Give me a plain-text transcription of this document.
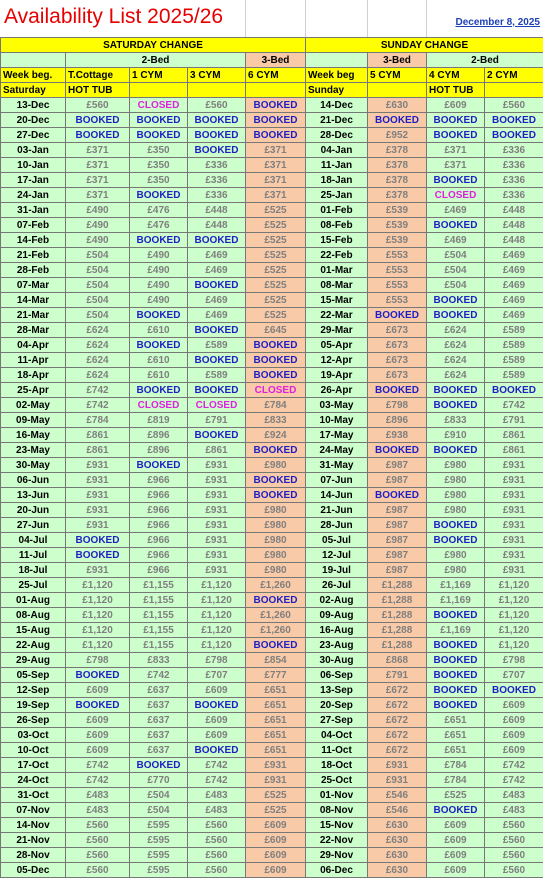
Availability List 2025/26	December 8, 2025
SATURDAY CHANGE					SUNDAY CHANGE			
	2-Bed			3-Bed		3-Bed	2-Bed	
Week beg.	T.Cottage	1 CYM	3 CYM	6 CYM	Week beg	5 CYM	4 CYM	2 CYM
Saturday	HOT TUB				Sunday		HOT TUB	
13-Dec	£560	CLOSED	£560	BOOKED	14-Dec	£630	£609	£560
20-Dec	BOOKED	BOOKED	BOOKED	BOOKED	21-Dec	BOOKED	BOOKED	BOOKED
27-Dec	BOOKED	BOOKED	BOOKED	BOOKED	28-Dec	£952	BOOKED	BOOKED
03-Jan	£371	£350	BOOKED	£371	04-Jan	£378	£371	£336
10-Jan	£371	£350	£336	£371	11-Jan	£378	£371	£336
17-Jan	£371	£350	£336	£371	18-Jan	£378	BOOKED	£336
24-Jan	£371	BOOKED	£336	£371	25-Jan	£378	CLOSED	£336
31-Jan	£490	£476	£448	£525	01-Feb	£539	£469	£448
07-Feb	£490	£476	£448	£525	08-Feb	£539	BOOKED	£448
14-Feb	£490	BOOKED	BOOKED	£525	15-Feb	£539	£469	£448
21-Feb	£504	£490	£469	£525	22-Feb	£553	£504	£469
28-Feb	£504	£490	£469	£525	01-Mar	£553	£504	£469
07-Mar	£504	£490	BOOKED	£525	08-Mar	£553	£504	£469
14-Mar	£504	£490	£469	£525	15-Mar	£553	BOOKED	£469
21-Mar	£504	BOOKED	£469	£525	22-Mar	BOOKED	BOOKED	£469
28-Mar	£624	£610	BOOKED	£645	29-Mar	£673	£624	£589
04-Apr	£624	BOOKED	£589	BOOKED	05-Apr	£673	£624	£589
11-Apr	£624	£610	BOOKED	BOOKED	12-Apr	£673	£624	£589
18-Apr	£624	£610	£589	BOOKED	19-Apr	£673	£624	£589
25-Apr	£742	BOOKED	BOOKED	CLOSED	26-Apr	BOOKED	BOOKED	BOOKED
02-May	£742	CLOSED	CLOSED	£784	03-May	£798	BOOKED	£742
09-May	£784	£819	£791	£833	10-May	£896	£833	£791
16-May	£861	£896	BOOKED	£924	17-May	£938	£910	£861
23-May	£861	£896	£861	BOOKED	24-May	BOOKED	BOOKED	£861
30-May	£931	BOOKED	£931	£980	31-May	£987	£980	£931
06-Jun	£931	£966	£931	BOOKED	07-Jun	£987	£980	£931
13-Jun	£931	£966	£931	BOOKED	14-Jun	BOOKED	£980	£931
20-Jun	£931	£966	£931	£980	21-Jun	£987	£980	£931
27-Jun	£931	£966	£931	£980	28-Jun	£987	BOOKED	£931
04-Jul	BOOKED	£966	£931	£980	05-Jul	£987	BOOKED	£931
11-Jul	BOOKED	£966	£931	£980	12-Jul	£987	£980	£931
18-Jul	£931	£966	£931	£980	19-Jul	£987	£980	£931
25-Jul	£1,120	£1,155	£1,120	£1,260	26-Jul	£1,288	£1,169	£1,120
01-Aug	£1,120	£1,155	£1,120	BOOKED	02-Aug	£1,288	£1,169	£1,120
08-Aug	£1,120	£1,155	£1,120	£1,260	09-Aug	£1,288	BOOKED	£1,120
15-Aug	£1,120	£1,155	£1,120	£1,260	16-Aug	£1,288	£1,169	£1,120
22-Aug	£1,120	£1,155	£1,120	BOOKED	23-Aug	£1,288	BOOKED	£1,120
29-Aug	£798	£833	£798	£854	30-Aug	£868	BOOKED	£798
05-Sep	BOOKED	£742	£707	£777	06-Sep	£791	BOOKED	£707
12-Sep	£609	£637	£609	£651	13-Sep	£672	BOOKED	BOOKED
19-Sep	BOOKED	£637	BOOKED	£651	20-Sep	£672	BOOKED	£609
26-Sep	£609	£637	£609	£651	27-Sep	£672	£651	£609
03-Oct	£609	£637	£609	£651	04-Oct	£672	£651	£609
10-Oct	£609	£637	BOOKED	£651	11-Oct	£672	£651	£609
17-Oct	£742	BOOKED	£742	£931	18-Oct	£931	£784	£742
24-Oct	£742	£770	£742	£931	25-Oct	£931	£784	£742
31-Oct	£483	£504	£483	£525	01-Nov	£546	£525	£483
07-Nov	£483	£504	£483	£525	08-Nov	£546	BOOKED	£483
14-Nov	£560	£595	£560	£609	15-Nov	£630	£609	£560
21-Nov	£560	£595	£560	£609	22-Nov	£630	£609	£560
28-Nov	£560	£595	£560	£609	29-Nov	£630	£609	£560
05-Dec	£560	£595	£560	£609	06-Dec	£630	£609	£560
